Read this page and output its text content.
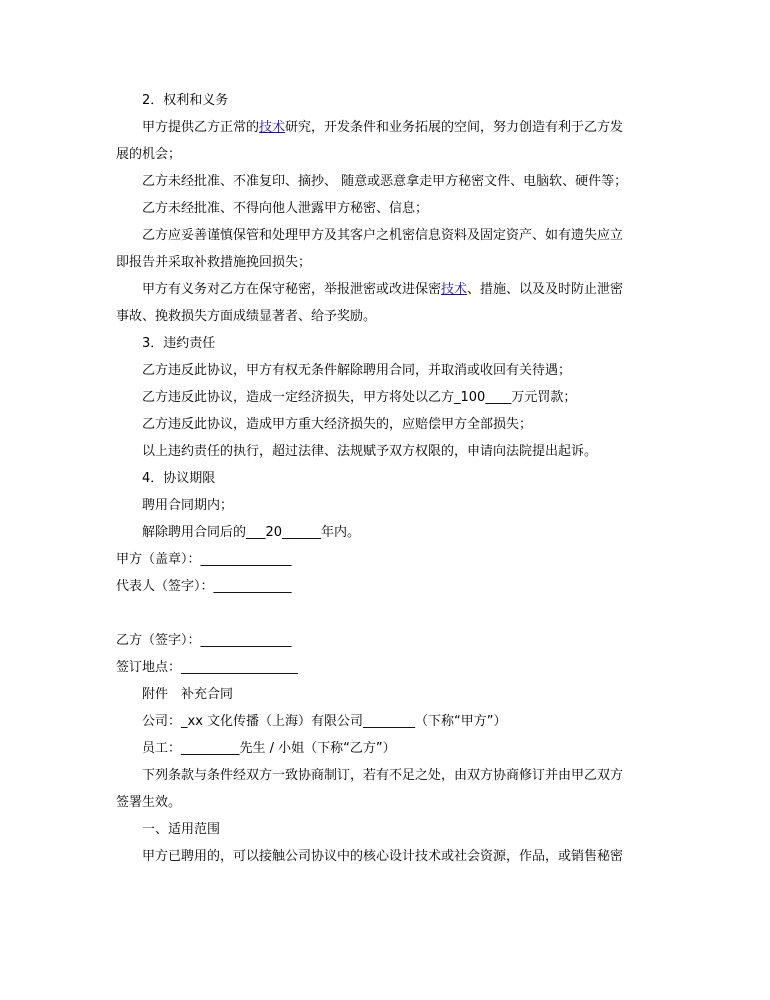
2．权利和义务

甲方提供乙方正常的技术研究，开发条件和业务拓展的空间，努力创造有利于乙方发

展的机会；

乙方未经批准、不准复印、摘抄、 随意或恶意拿走甲方秘密文件、电脑软、硬件等；

乙方未经批准、不得向他人泄露甲方秘密、信息；

乙方应妥善谨慎保管和处理甲方及其客户之机密信息资料及固定资产、如有遗失应立

即报告并采取补救措施挽回损失；

甲方有义务对乙方在保守秘密，举报泄密或改进保密技术、措施、以及及时防止泄密

事故、挽救损失方面成绩显著者、给予奖励。

3．违约责任

乙方违反此协议，甲方有权无条件解除聘用合同，并取消或收回有关待遇；

乙方违反此协议，造成一定经济损失，甲方将处以乙方_100____万元罚款；

乙方违反此协议，造成甲方重大经济损失的，应赔偿甲方全部损失；

以上违约责任的执行，超过法律、法规赋予双方权限的，申请向法院提出起诉。

4．协议期限

聘用合同期内；

解除聘用合同后的___20______年内。

甲方（盖章）：______________

代表人（签字）：____________

乙方（签字）：______________

签订地点：__________________

附件　补充合同

公司：_xx 文化传播（上海）有限公司________（下称“甲方”）

员工：_________先生 / 小姐（下称“乙方”）

下列条款与条件经双方一致协商制订，若有不足之处，由双方协商修订并由甲乙双方

签署生效。

一、适用范围

甲方已聘用的，可以接触公司协议中的核心设计技术或社会资源，作品，或销售秘密
